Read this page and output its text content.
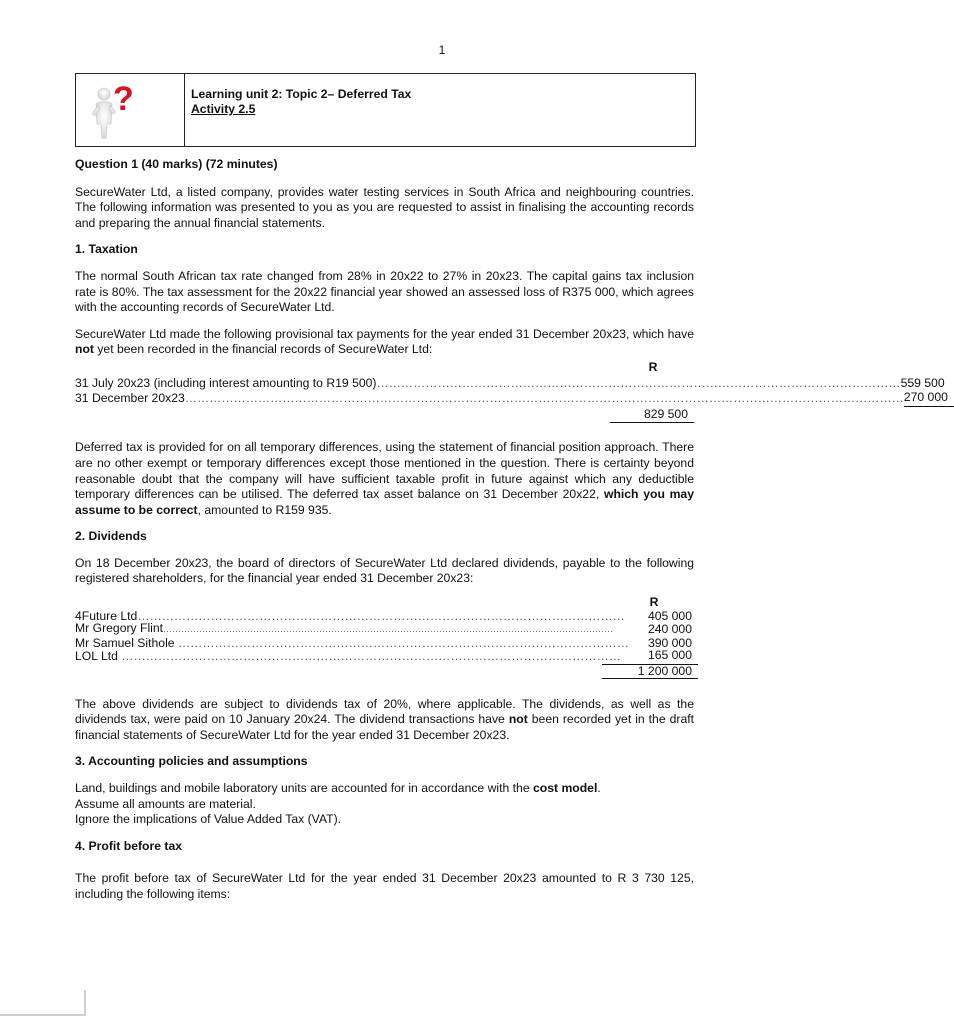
1
?	Learning unit 2: Topic 2– Deferred Tax
Activity 2.5

Question 1 (40 marks) (72 minutes)

SecureWater Ltd, a listed company, provides water testing services in South Africa and neighbouring countries. The following information was presented to you as you are requested to assist in finalising the accounting records and preparing the annual financial statements.

1. Taxation

The normal South African tax rate changed from 28% in 20x22 to 27% in 20x23. The capital gains tax inclusion rate is 80%. The tax assessment for the 20x22 financial year showed an assessed loss of R375 000, which agrees with the accounting records of SecureWater Ltd.

SecureWater Ltd made the following provisional tax payments for the year ended 31 December 20x23, which have not yet been recorded in the financial records of SecureWater Ltd:

R
31 July 20x23 (including interest amounting to R19 500)………………………………………………………………………………………………………………… 559 500
31 December 20x23…………………………………………………………………………………………………………………………………………………………… 270 000
829 500

Deferred tax is provided for on all temporary differences, using the statement of financial position approach. There are no other exempt or temporary differences except those mentioned in the question. There is certainty beyond reasonable doubt that the company will have sufficient taxable profit in future against which any deductible temporary differences can be utilised. The deferred tax asset balance on 31 December 20x22, which you may assume to be correct, amounted to R159 935.

2. Dividends

On 18 December 20x23, the board of directors of SecureWater Ltd declared dividends, payable to the following registered shareholders, for the financial year ended 31 December 20x23:

R
4Future Ltd…………………………………………………………………………………………………………	405 000
Mr Gregory Flint……………………………………………………………………………………………………………………………………	240 000
Mr Samuel Sithole …………………………………………………………………………………………………	390 000
LOL Ltd ……………………………………………………………………………………………………………	165 000
1 200 000

The above dividends are subject to dividends tax of 20%, where applicable. The dividends, as well as the dividends tax, were paid on 10 January 20x24. The dividend transactions have not been recorded yet in the draft financial statements of SecureWater Ltd for the year ended 31 December 20x23.

3. Accounting policies and assumptions

Land, buildings and mobile laboratory units are accounted for in accordance with the cost model.

Assume all amounts are material.

Ignore the implications of Value Added Tax (VAT).

4. Profit before tax

The profit before tax of SecureWater Ltd for the year ended 31 December 20x23 amounted to R 3 730 125, including the following items:
